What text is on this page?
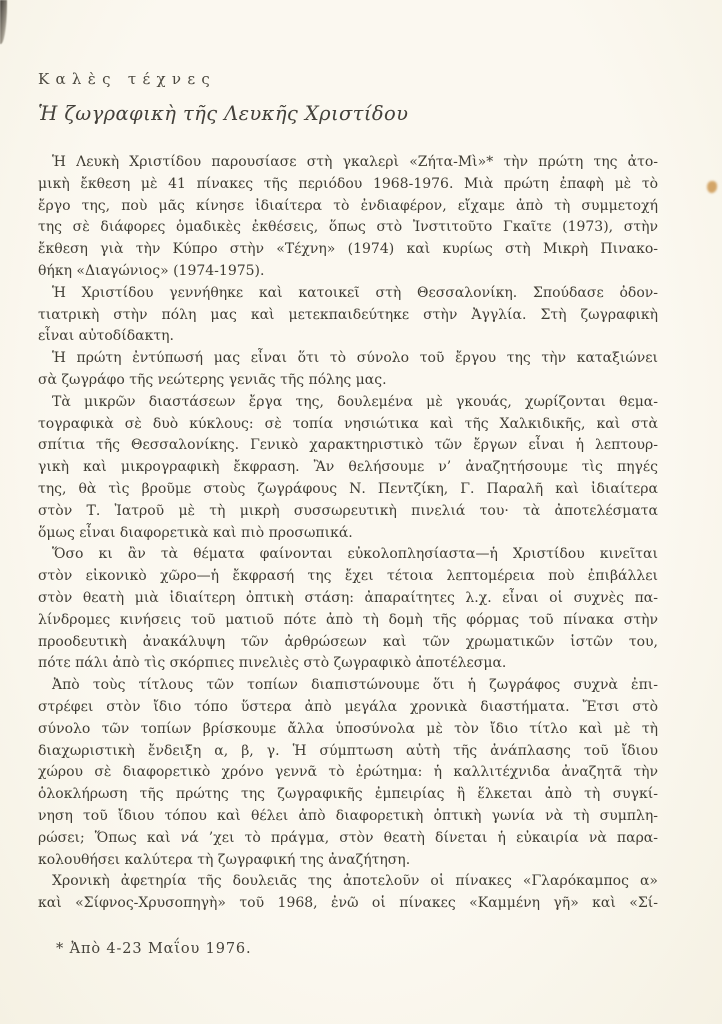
Καλὲς τέχνες
Ἡ ζωγραφικὴ τῆς Λευκῆς Χριστίδου
Ἡ Λευκὴ Χριστίδου παρουσίασε στὴ γκαλερὶ «Ζήτα-Μὶ»* τὴν πρώτη της ἀτο-
μικὴ ἔκθεση μὲ 41 πίνακες τῆς περιόδου 1968-1976. Μιὰ πρώτη ἐπαφὴ μὲ τὸ
ἔργο της, ποὺ μᾶς κίνησε ἰδιαίτερα τὸ ἐνδιαφέρον, εἴχαμε ἀπὸ τὴ συμμετοχή
της σὲ διάφορες ὁμαδικὲς ἐκθέσεις, ὅπως στὸ Ἰνστιτοῦτο Γκαῖτε (1973), στὴν
ἔκθεση γιὰ τὴν Κύπρο στὴν «Τέχνη» (1974) καὶ κυρίως στὴ Μικρὴ Πινακο-
θήκη «Διαγώνιος» (1974-1975).
Ἡ Χριστίδου γεννήθηκε καὶ κατοικεῖ στὴ Θεσσαλονίκη. Σπούδασε ὀδον-
τιατρικὴ στὴν πόλη μας καὶ μετεκπαιδεύτηκε στὴν Ἀγγλία. Στὴ ζωγραφικὴ
εἶναι αὐτοδίδακτη.
Ἡ πρώτη ἐντύπωσή μας εἶναι ὅτι τὸ σύνολο τοῦ ἔργου της τὴν καταξιώνει
σὰ ζωγράφο τῆς νεώτερης γενιᾶς τῆς πόλης μας.
Τὰ μικρῶν διαστάσεων ἔργα της, δουλεμένα μὲ γκουάς, χωρίζονται θεμα-
τογραφικὰ σὲ δυὸ κύκλους: σὲ τοπία νησιώτικα καὶ τῆς Χαλκιδικῆς, καὶ στὰ
σπίτια τῆς Θεσσαλονίκης. Γενικὸ χαρακτηριστικὸ τῶν ἔργων εἶναι ἡ λεπτουρ-
γικὴ καὶ μικρογραφικὴ ἔκφραση. Ἂν θελήσουμε ν’ ἀναζητήσουμε τὶς πηγές
της, θὰ τὶς βροῦμε στοὺς ζωγράφους Ν. Πεντζίκη, Γ. Παραλῆ καὶ ἰδιαίτερα
στὸν Τ. Ἰατροῦ μὲ τὴ μικρὴ συσσωρευτικὴ πινελιά του· τὰ ἀποτελέσματα
ὅμως εἶναι διαφορετικὰ καὶ πιὸ προσωπικά.
Ὅσο κι ἂν τὰ θέματα φαίνονται εὐκολοπλησίαστα—ἡ Χριστίδου κινεῖται
στὸν εἰκονικὸ χῶρο—ἡ ἔκφρασή της ἔχει τέτοια λεπτομέρεια ποὺ ἐπιβάλλει
στὸν θεατὴ μιὰ ἰδιαίτερη ὀπτικὴ στάση: ἀπαραίτητες λ.χ. εἶναι οἱ συχνὲς πα-
λίνδρομες κινήσεις τοῦ ματιοῦ πότε ἀπὸ τὴ δομὴ τῆς φόρμας τοῦ πίνακα στὴν
προοδευτικὴ ἀνακάλυψη τῶν ἀρθρώσεων καὶ τῶν χρωματικῶν ἱστῶν του,
πότε πάλι ἀπὸ τὶς σκόρπιες πινελιὲς στὸ ζωγραφικὸ ἀποτέλεσμα.
Ἀπὸ τοὺς τίτλους τῶν τοπίων διαπιστώνουμε ὅτι ἡ ζωγράφος συχνὰ ἐπι-
στρέφει στὸν ἴδιο τόπο ὕστερα ἀπὸ μεγάλα χρονικὰ διαστήματα. Ἔτσι στὸ
σύνολο τῶν τοπίων βρίσκουμε ἄλλα ὑποσύνολα μὲ τὸν ἴδιο τίτλο καὶ μὲ τὴ
διαχωριστικὴ ἔνδειξη α, β, γ. Ἡ σύμπτωση αὐτὴ τῆς ἀνάπλασης τοῦ ἴδιου
χώρου σὲ διαφορετικὸ χρόνο γεννᾶ τὸ ἐρώτημα: ἡ καλλιτέχνιδα ἀναζητᾶ τὴν
ὁλοκλήρωση τῆς πρώτης της ζωγραφικῆς ἐμπειρίας ἢ ἕλκεται ἀπὸ τὴ συγκί-
νηση τοῦ ἴδιου τόπου καὶ θέλει ἀπὸ διαφορετικὴ ὀπτικὴ γωνία νὰ τὴ συμπλη-
ρώσει; Ὅπως καὶ νά ’χει τὸ πράγμα, στὸν θεατὴ δίνεται ἡ εὐκαιρία νὰ παρα-
κολουθήσει καλύτερα τὴ ζωγραφική της ἀναζήτηση.
Χρονικὴ ἀφετηρία τῆς δουλειᾶς της ἀποτελοῦν οἱ πίνακες «Γλαρόκαμπος α»
καὶ «Σίφνος-Χρυσοπηγὴ» τοῦ 1968, ἐνῶ οἱ πίνακες «Καμμένη γῆ» καὶ «Σί-
* Ἀπὸ 4-23 Μαΐου 1976.
